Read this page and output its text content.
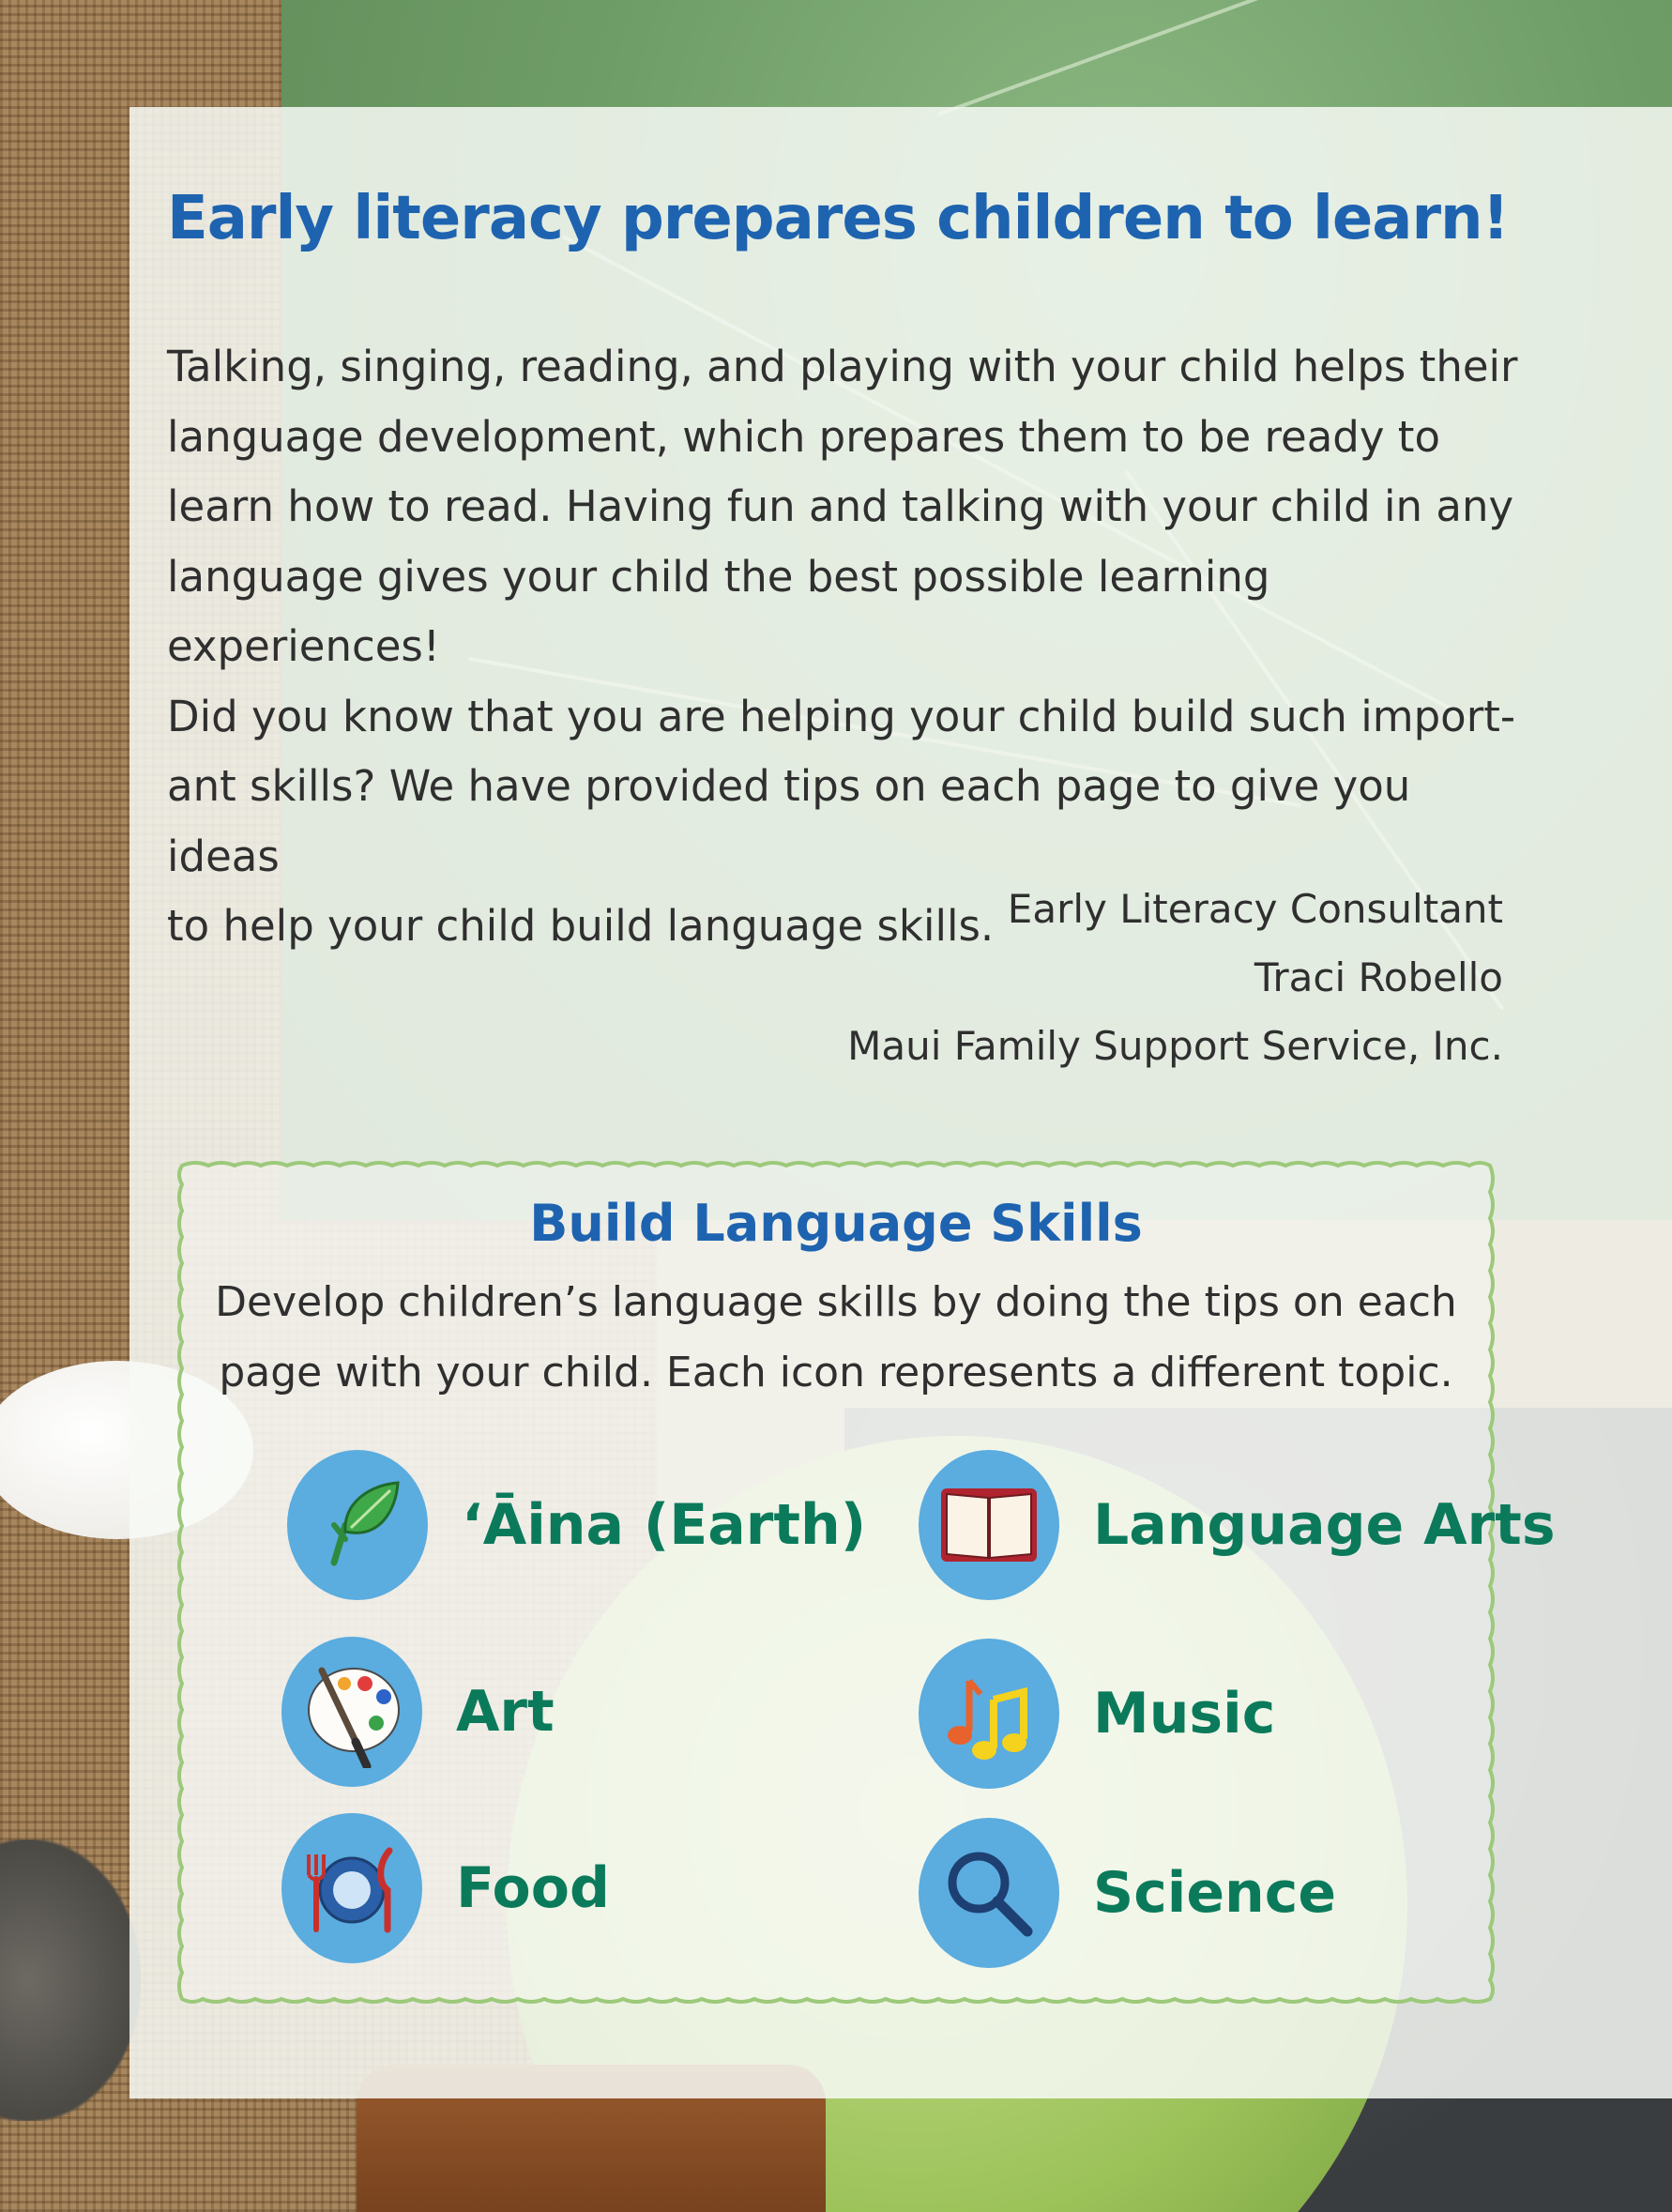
Early literacy prepares children to learn!

Talking, singing, reading, and playing with your child helps their
language development, which prepares them to be ready to
learn how to read. Having fun and talking with your child in any
language gives your child the best possible learning experiences!
Did you know that you are helping your child build such import-
ant skills? We have provided tips on each page to give you ideas
to help your child build language skills. Early Literacy Consultant
Traci Robello
Maui Family Support Service, Inc.
Build Language Skills

Develop children’s language skills by doing the tips on each
page with your child. Each icon represents a different topic.

ʻĀina (Earth)	Language Arts
Art	Music
Food	Science
